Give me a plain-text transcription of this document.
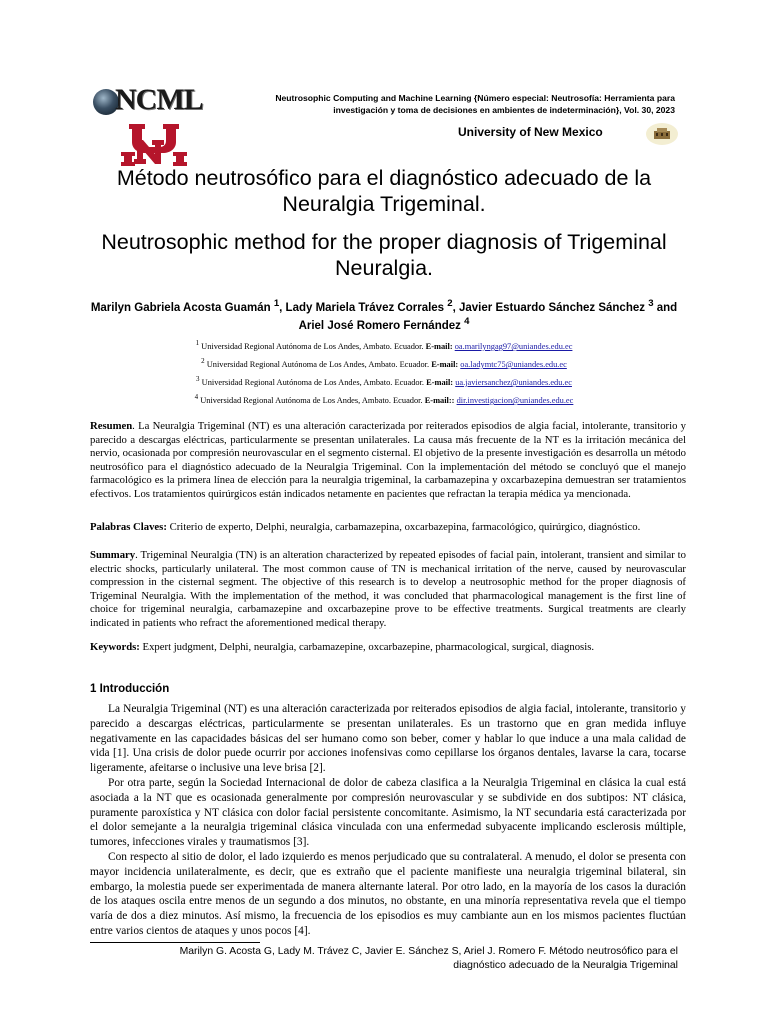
NCML	Neutrosophic Computing and Machine Learning {Número especial: Neutrosofía: Herramienta para investigación y toma de decisiones en ambientes de indeterminación}, Vol. 30, 2023
University of New Mexico
Método neutrosófico para el diagnóstico adecuado de la Neuralgia Trigeminal.
Neutrosophic method for the proper diagnosis of Trigeminal Neuralgia.
Marilyn Gabriela Acosta Guamán $^1$, Lady Mariela Trávez Corrales $^2$, Javier Estuardo Sánchez Sánchez $^3$ and Ariel José Romero Fernández $^4$
$^1$ Universidad Regional Autónoma de Los Andes, Ambato. Ecuador. E-mail: oa.marilyngag97@uniandes.edu.ec
$^2$ Universidad Regional Autónoma de Los Andes, Ambato. Ecuador. E-mail: oa.ladymtc75@uniandes.edu.ec
$^3$ Universidad Regional Autónoma de Los Andes, Ambato. Ecuador. E-mail: ua.javiersanchez@uniandes.edu.ec
$^4$ Universidad Regional Autónoma de Los Andes, Ambato. Ecuador. E-mail:: dir.investigacion@uniandes.edu.ec
Resumen. La Neuralgia Trigeminal (NT) es una alteración caracterizada por reiterados episodios de algia facial, intolerante, transitorio y parecido a descargas eléctricas, particularmente se presentan unilaterales. La causa más frecuente de la NT es la irritación mecánica del nervio, ocasionada por compresión neurovascular en el segmento cisternal. El objetivo de la presente investigación es desarrolla un método neutrosófico para el diagnóstico adecuado de la Neuralgia Trigeminal. Con la implementación del método se concluyó que el manejo farmacológico es la primera línea de elección para la neuralgia trigeminal, la carbamazepina y oxcarbazepina demuestran ser tratamientos efectivos. Los tratamientos quirúrgicos están indicados netamente en pacientes que refractan la terapia médica ya mencionada.
Palabras Claves: Criterio de experto, Delphi, neuralgia, carbamazepina, oxcarbazepina, farmacológico, quirúrgico, diagnóstico.
Summary. Trigeminal Neuralgia (TN) is an alteration characterized by repeated episodes of facial pain, intolerant, transient and similar to electric shocks, particularly unilateral. The most common cause of TN is mechanical irritation of the nerve, caused by neurovascular compression in the cisternal segment. The objective of this research is to develop a neutrosophic method for the proper diagnosis of Trigeminal Neuralgia. With the implementation of the method, it was concluded that pharmacological management is the first line of choice for trigeminal neuralgia, carbamazepine and oxcarbazepine prove to be effective treatments. Surgical treatments are clearly indicated in patients who refract the aforementioned medical therapy.
Keywords: Expert judgment, Delphi, neuralgia, carbamazepine, oxcarbazepine, pharmacological, surgical, diagnosis.
1 Introducción

La Neuralgia Trigeminal (NT) es una alteración caracterizada por reiterados episodios de algia facial, intolerante, transitorio y parecido a descargas eléctricas, particularmente se presentan unilaterales. Es un trastorno que en gran medida influye negativamente en las capacidades básicas del ser humano como son beber, comer y hablar lo que induce a una mala calidad de vida [1]. Una crisis de dolor puede ocurrir por acciones inofensivas como cepillarse los órganos dentales, lavarse la cara, tocarse ligeramente, afeitarse o inclusive una leve brisa [2].

Por otra parte, según la Sociedad Internacional de dolor de cabeza clasifica a la Neuralgia Trigeminal en clásica la cual está asociada a la NT que es ocasionada generalmente por compresión neurovascular y se subdivide en dos subtipos: NT clásica, puramente paroxística y NT clásica con dolor facial persistente concomitante. Asimismo, la NT secundaria está caracterizada por el dolor semejante a la neuralgia trigeminal clásica vinculada con una enfermedad subyacente implicando esclerosis múltiple, tumores, infecciones virales y traumatismos [3].

Con respecto al sitio de dolor, el lado izquierdo es menos perjudicado que su contralateral. A menudo, el dolor se presenta con mayor incidencia unilateralmente, es decir, que es extraño que el paciente manifieste una neuralgia trigeminal bilateral, sin embargo, la molestia puede ser experimentada de manera alternante lateral. Por otro lado, en la mayoría de los casos la duración de los ataques oscila entre menos de un segundo a dos minutos, no obstante, en una minoría representativa revela que el tiempo varía de dos a diez minutos. Así mismo, la frecuencia de los episodios es muy cambiante aun en los mismos pacientes fluctúan entre varios cientos de ataques y unos pocos [4].

Marilyn G. Acosta G, Lady M. Trávez C, Javier E. Sánchez S, Ariel J. Romero F. Método neutrosófico para el
diagnóstico adecuado de la Neuralgia Trigeminal
